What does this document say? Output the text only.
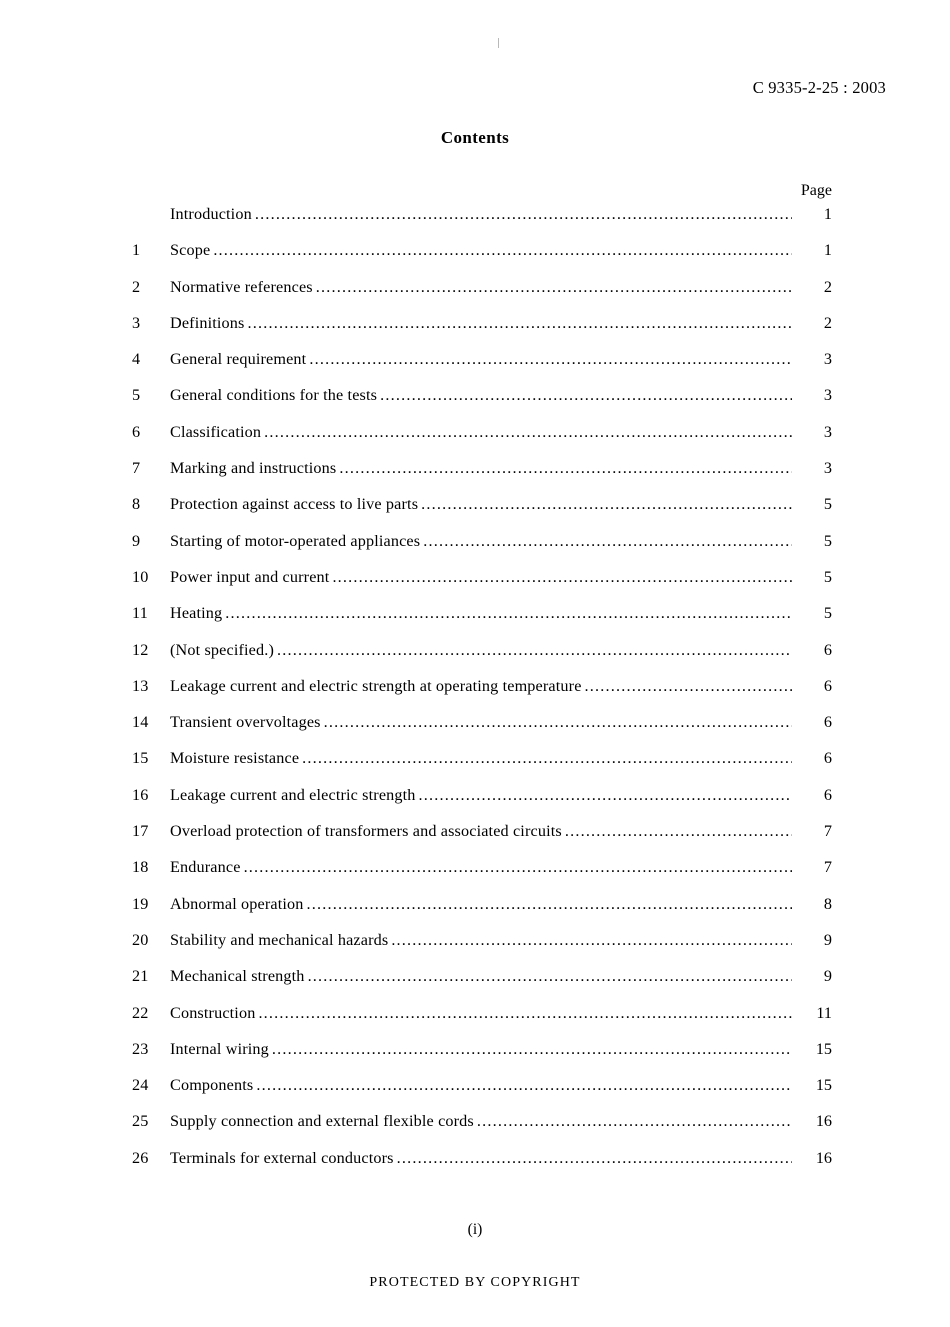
C 9335-2-25 : 2003
Contents
Page
Introduction .....	1
1	Scope .....	1
2	Normative references .....	2
3	Definitions .....	2
4	General requirement .....	3
5	General conditions for the tests .....	3
6	Classification .....	3
7	Marking and instructions .....	3
8	Protection against access to live parts .....	5
9	Starting of motor-operated appliances .....	5
10	Power input and current .....	5
11	Heating .....	5
12	(Not specified.) .....	6
13	Leakage current and electric strength at operating temperature .....	6
14	Transient overvoltages .....	6
15	Moisture resistance .....	6
16	Leakage current and electric strength .....	6
17	Overload protection of transformers and associated circuits .....	7
18	Endurance .....	7
19	Abnormal operation .....	8
20	Stability and mechanical hazards .....	9
21	Mechanical strength .....	9
22	Construction .....	11
23	Internal wiring .....	15
24	Components .....	15
25	Supply connection and external flexible cords .....	16
26	Terminals for external conductors .....	16
(i)
PROTECTED BY COPYRIGHT
